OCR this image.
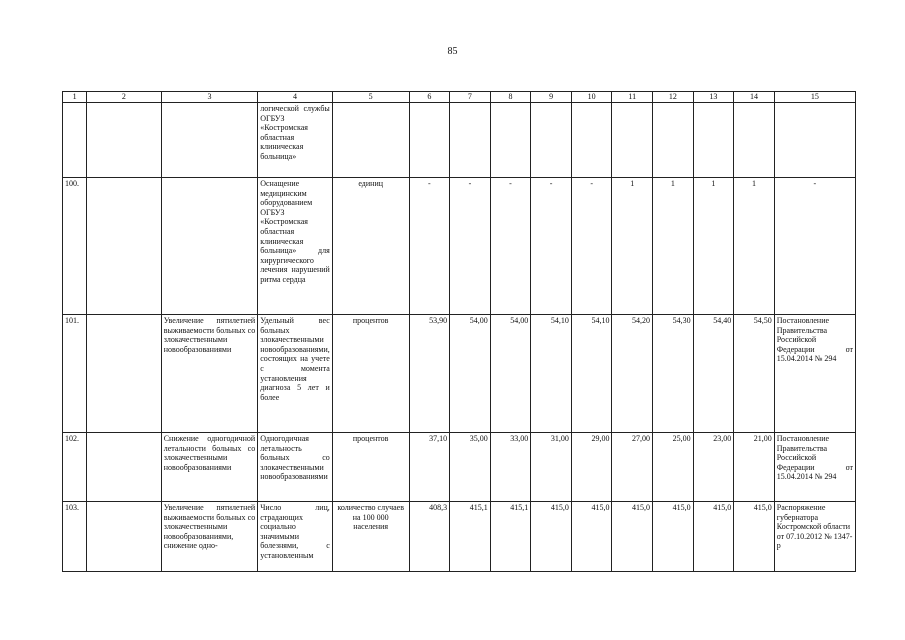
85
1	2	3	4	5	6	7	8	9	10	11	12	13	14	15
			логической службы ОГБУЗ «Костромская областная клиническая больница»											
100.			Оснащение медицинским оборудованием ОГБУЗ «Костромская областная клиническая больница» для хирургического лечения нарушений ритма сердца	единиц	-	-	-	-	-	1	1	1	1	-
101.		Увеличение пятилетней выживаемости больных со злокачественными новообразованиями	Удельный вес больных злокачественными новообразованиями, состоящих на учете с момента установления диагноза 5 лет и более	процентов	53,90	54,00	54,00	54,10	54,10	54,20	54,30	54,40	54,50	Постановление Правительства Российской Федерации от 15.04.2014 № 294
102.		Снижение одногодичной летальности больных со злокачественными новообразованиями	Одногодичная летальность больных со злокачественными новообразованиями	процентов	37,10	35,00	33,00	31,00	29,00	27,00	25,00	23,00	21,00	Постановление Правительства Российской Федерации от 15.04.2014 № 294
103.		Увеличение пятилетней выживаемости больных со злокачественными новообразованиями, снижение одно-	Число лиц, страдающих социально значимыми болезнями, с установленным	количество случаев на 100 000 населения	408,3	415,1	415,1	415,0	415,0	415,0	415,0	415,0	415,0	Распоряжение губернатора Костромской области от 07.10.2012 № 1347-р
